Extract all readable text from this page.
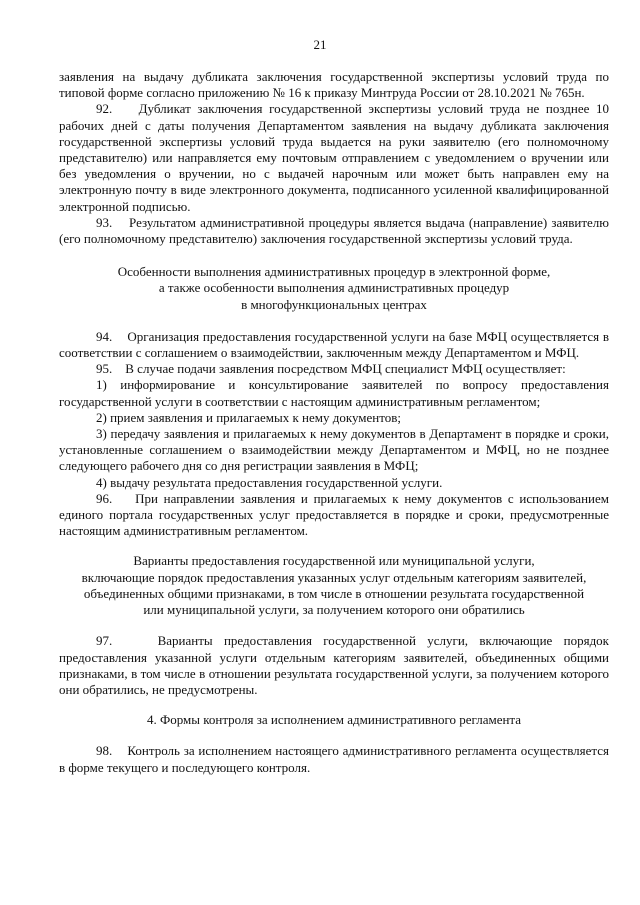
21

заявления на выдачу дубликата заключения государственной экспертизы условий труда по типовой форме согласно приложению № 16 к приказу Минтруда России от 28.10.2021 № 765н.

92.    Дубликат заключения государственной экспертизы условий труда не позднее 10 рабочих дней с даты получения Департаментом заявления на выдачу дубликата заключения государственной экспертизы условий труда выдается на руки заявителю (его полномочному представителю) или направляется ему почтовым отправлением с уведомлением о вручении или без уведомления о вручении, но с выдачей нарочным или может быть направлен ему на электронную почту в виде электронного документа, подписанного усиленной квалифицированной электронной подписью.

93.    Результатом административной процедуры является выдача (направление) заявителю (его полномочному представителю) заключения государственной экспертизы условий труда.

Особенности выполнения административных процедур в электронной форме,
а также особенности выполнения административных процедур
в многофункциональных центрах

94.    Организация предоставления государственной услуги на базе МФЦ осуществляется в соответствии с соглашением о взаимодействии, заключенным между Департаментом и МФЦ.

95.    В случае подачи заявления посредством МФЦ специалист МФЦ осуществляет:

1) информирование и консультирование заявителей по вопросу предоставления государственной услуги в соответствии с настоящим административным регламентом;

2) прием заявления и прилагаемых к нему документов;

3) передачу заявления и прилагаемых к нему документов в Департамент в порядке и сроки, установленные соглашением о взаимодействии между Департаментом и МФЦ, но не позднее следующего рабочего дня со дня регистрации заявления в МФЦ;

4) выдачу результата предоставления государственной услуги.

96.    При направлении заявления и прилагаемых к нему документов с использованием единого портала государственных услуг предоставляется в порядке и сроки, предусмотренные настоящим административным регламентом.

Варианты предоставления государственной или муниципальной услуги,
включающие порядок предоставления указанных услуг отдельным категориям заявителей,
объединенных общими признаками, в том числе в отношении результата государственной
или муниципальной услуги, за получением которого они обратились

97.    Варианты предоставления государственной услуги, включающие порядок предоставления указанной услуги отдельным категориям заявителей, объединенных общими признаками, в том числе в отношении результата государственной услуги, за получением которого они обратились, не предусмотрены.

4. Формы контроля за исполнением административного регламента

98.    Контроль за исполнением настоящего административного регламента осуществляется в форме текущего и последующего контроля.
